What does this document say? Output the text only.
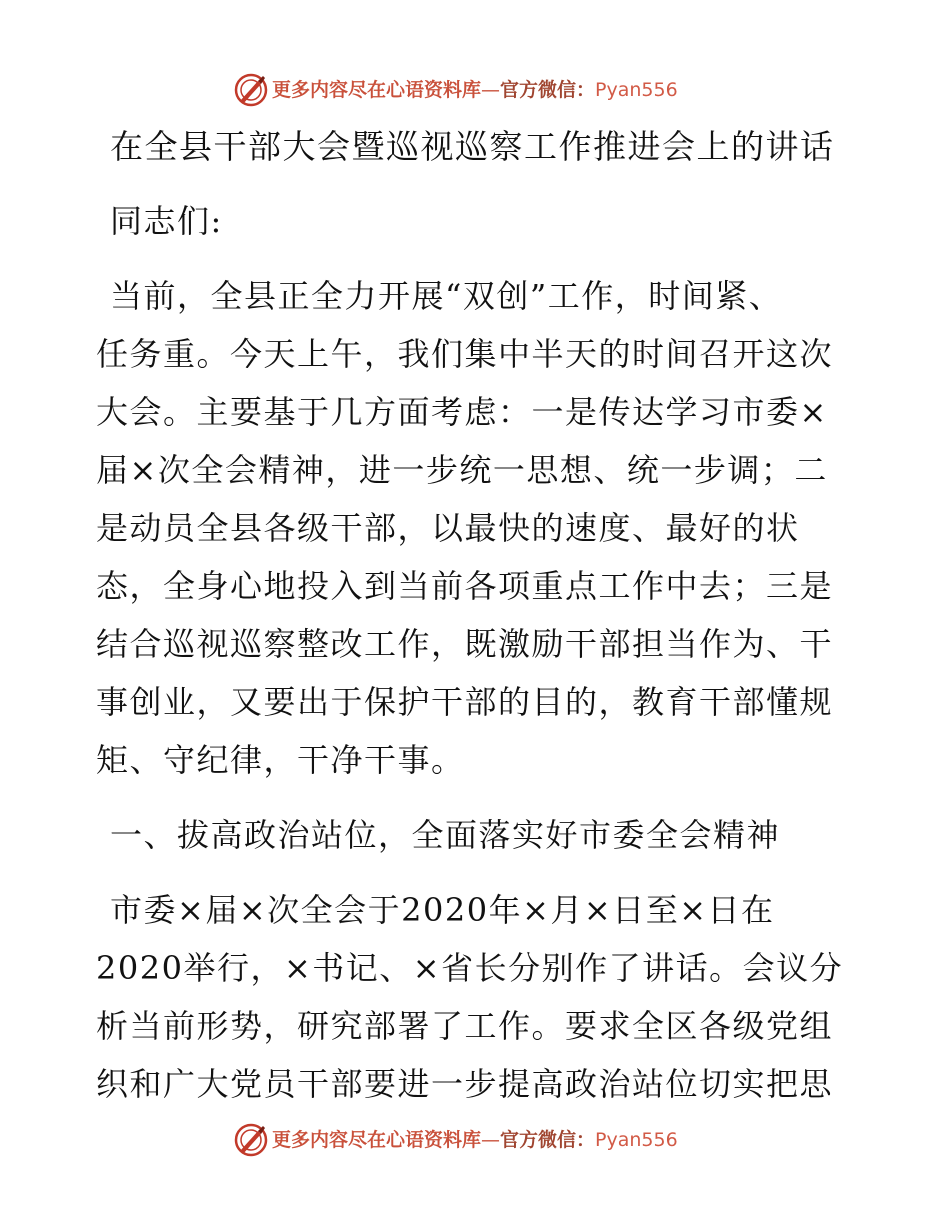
更多内容尽在心语资料库—官方微信：Pyan556

在全县干部大会暨巡视巡察工作推进会上的讲话

同志们:

当前，全县正全力开展“双创”工作，时间紧、

任务重。今天上午，我们集中半天的时间召开这次

大会。主要基于几方面考虑：一是传达学习市委×

届×次全会精神，进一步统一思想、统一步调；二

是动员全县各级干部，以最快的速度、最好的状

态，全身心地投入到当前各项重点工作中去；三是

结合巡视巡察整改工作，既激励干部担当作为、干

事创业，又要出于保护干部的目的，教育干部懂规

矩、守纪律，干净干事。

一、拔高政治站位，全面落实好市委全会精神

市委×届×次全会于2020年×月×日至×日在

2020举行，×书记、×省长分别作了讲话。会议分

析当前形势，研究部署了工作。要求全区各级党组

织和广大党员干部要进一步提高政治站位切实把思

更多内容尽在心语资料库—官方微信：Pyan556
